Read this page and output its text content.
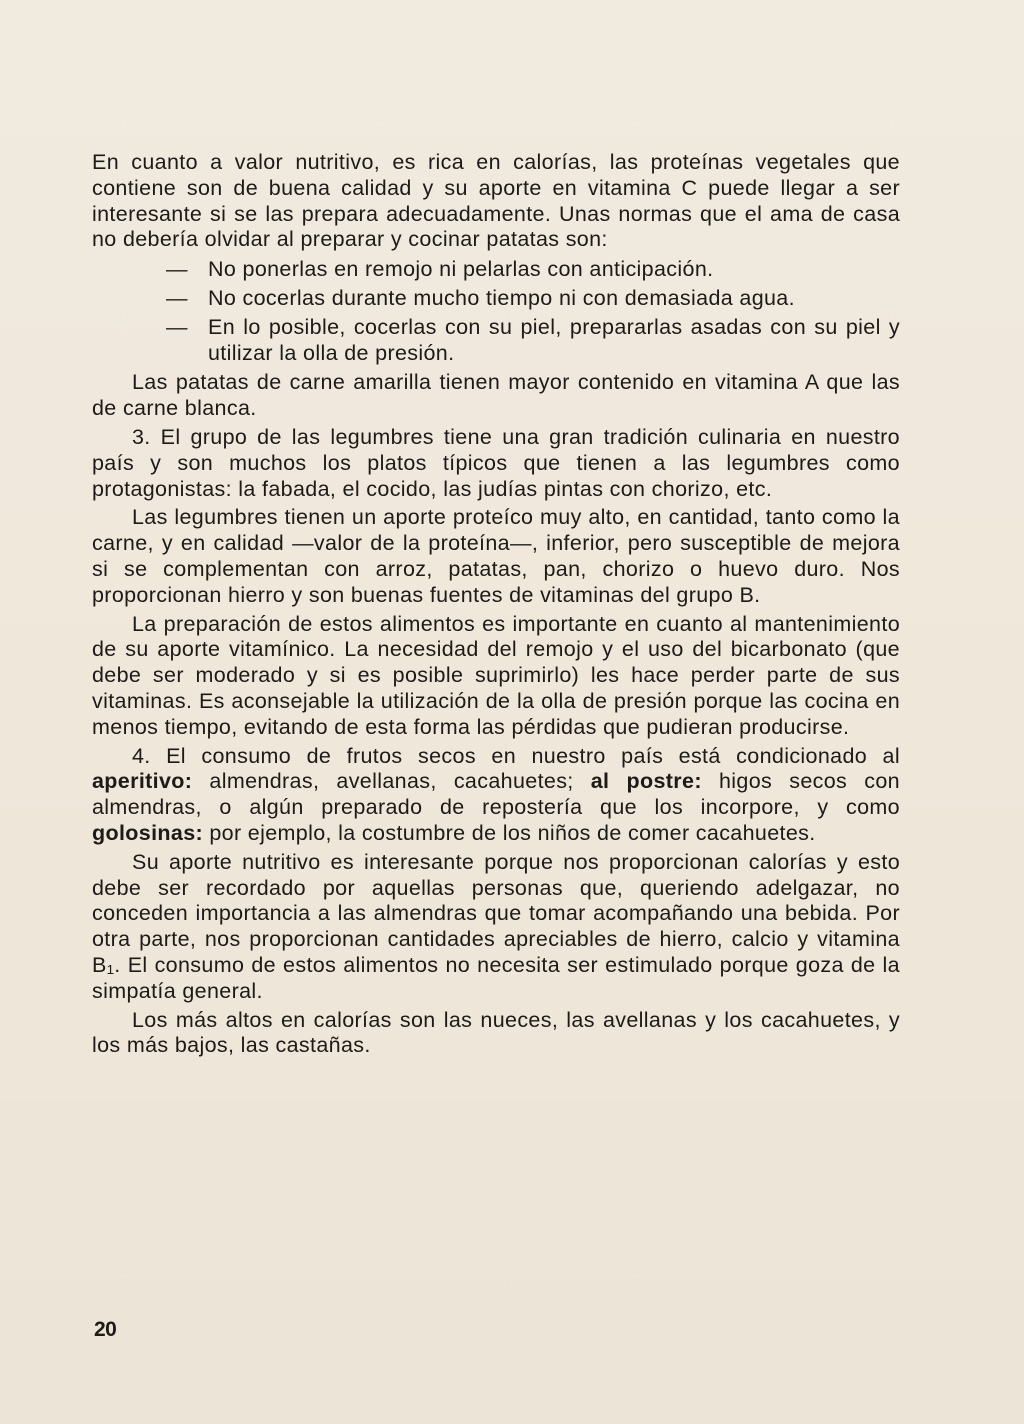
En cuanto a valor nutritivo, es rica en calorías, las proteínas vegetales que contiene son de buena calidad y su aporte en vitamina C puede llegar a ser interesante si se las prepara adecuadamente. Unas normas que el ama de casa no debería olvidar al preparar y cocinar patatas son:

— No ponerlas en remojo ni pelarlas con anticipación.
— No cocerlas durante mucho tiempo ni con demasiada agua.
— En lo posible, cocerlas con su piel, prepararlas asadas con su piel y utilizar la olla de presión.

Las patatas de carne amarilla tienen mayor contenido en vitamina A que las de carne blanca.

3. El grupo de las legumbres tiene una gran tradición culinaria en nuestro país y son muchos los platos típicos que tienen a las legumbres como protagonistas: la fabada, el cocido, las judías pintas con chorizo, etc.

Las legumbres tienen un aporte proteíco muy alto, en cantidad, tanto como la carne, y en calidad —valor de la proteína—, inferior, pero susceptible de mejora si se complementan con arroz, patatas, pan, chorizo o huevo duro. Nos proporcionan hierro y son buenas fuentes de vitaminas del grupo B.

La preparación de estos alimentos es importante en cuanto al mantenimiento de su aporte vitamínico. La necesidad del remojo y el uso del bicarbonato (que debe ser moderado y si es posible suprimirlo) les hace perder parte de sus vitaminas. Es aconsejable la utilización de la olla de presión porque las cocina en menos tiempo, evitando de esta forma las pérdidas que pudieran producirse.

4. El consumo de frutos secos en nuestro país está condicionado al aperitivo: almendras, avellanas, cacahuetes; al postre: higos secos con almendras, o algún preparado de repostería que los incorpore, y como golosinas: por ejemplo, la costumbre de los niños de comer cacahuetes.

Su aporte nutritivo es interesante porque nos proporcionan calorías y esto debe ser recordado por aquellas personas que, queriendo adelgazar, no conceden importancia a las almendras que tomar acompañando una bebida. Por otra parte, nos proporcionan cantidades apreciables de hierro, calcio y vitamina B₁. El consumo de estos alimentos no necesita ser estimulado porque goza de la simpatía general.

Los más altos en calorías son las nueces, las avellanas y los cacahuetes, y los más bajos, las castañas.

20
